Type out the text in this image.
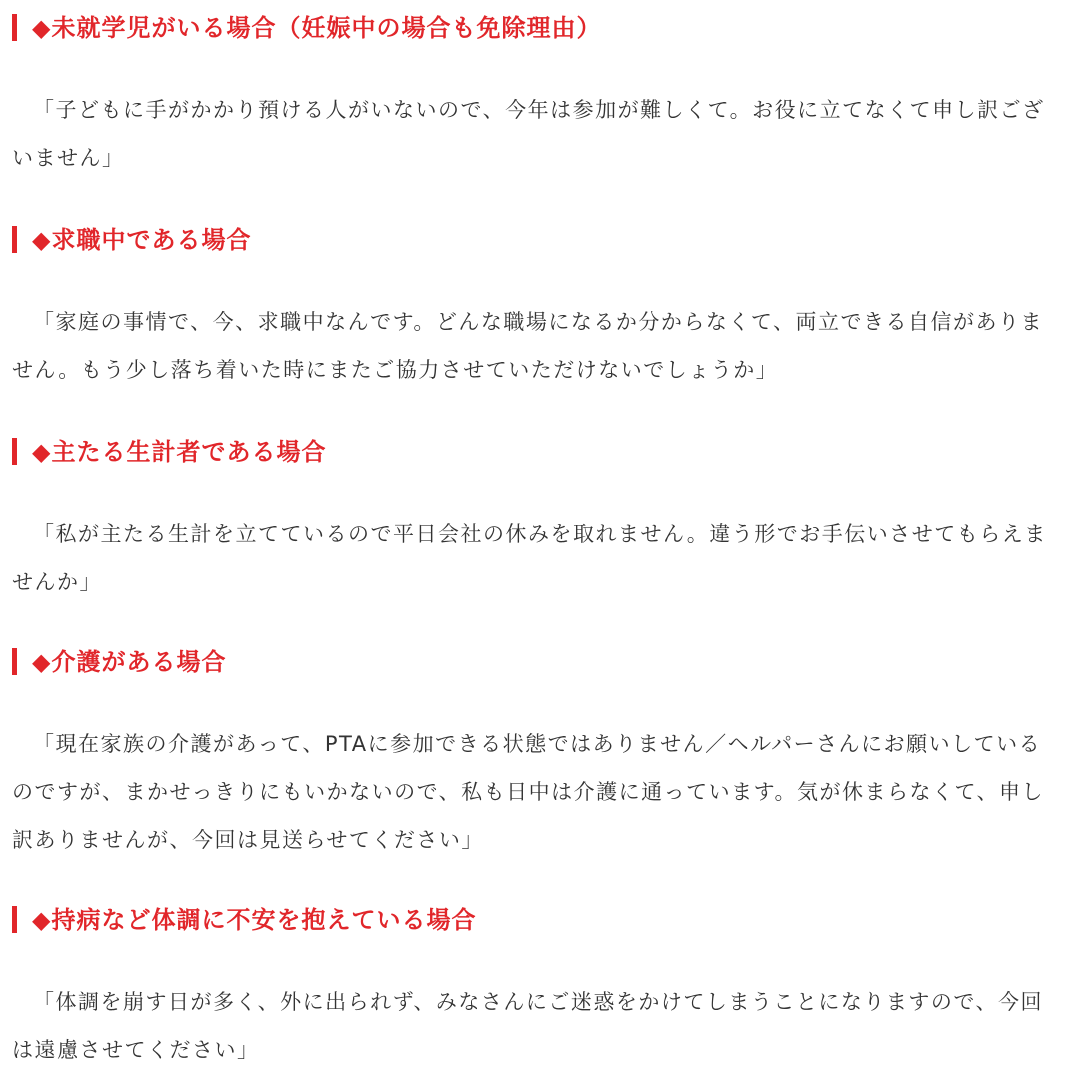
◆未就学児がいる場合（妊娠中の場合も免除理由）

「子どもに手がかかり預ける人がいないので、今年は参加が難しくて。お役に立てなくて申し訳ございません」

◆求職中である場合

「家庭の事情で、今、求職中なんです。どんな職場になるか分からなくて、両立できる自信がありません。もう少し落ち着いた時にまたご協力させていただけないでしょうか」

◆主たる生計者である場合

「私が主たる生計を立てているので平日会社の休みを取れません。違う形でお手伝いさせてもらえませんか」

◆介護がある場合

「現在家族の介護があって、PTAに参加できる状態ではありません／ヘルパーさんにお願いしているのですが、まかせっきりにもいかないので、私も日中は介護に通っています。気が休まらなくて、申し訳ありませんが、今回は見送らせてください」

◆持病など体調に不安を抱えている場合

「体調を崩す日が多く、外に出られず、みなさんにご迷惑をかけてしまうことになりますので、今回は遠慮させてください」
